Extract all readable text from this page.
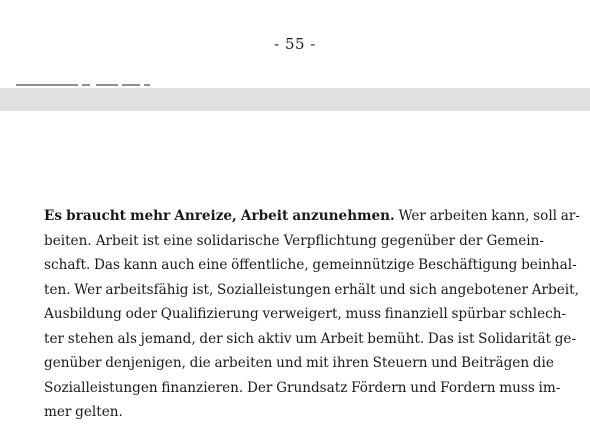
- 55 -
Es braucht mehr Anreize, Arbeit anzunehmen. Wer arbeiten kann, soll ar-
beiten. Arbeit ist eine solidarische Verpflichtung gegenüber der Gemein-
schaft. Das kann auch eine öffentliche, gemeinnützige Beschäftigung beinhal-
ten. Wer arbeitsfähig ist, Sozialleistungen erhält und sich angebotener Arbeit,
Ausbildung oder Qualifizierung verweigert, muss finanziell spürbar schlech-
ter stehen als jemand, der sich aktiv um Arbeit bemüht. Das ist Solidarität ge-
genüber denjenigen, die arbeiten und mit ihren Steuern und Beiträgen die
Sozialleistungen finanzieren. Der Grundsatz Fördern und Fordern muss im-
mer gelten.
